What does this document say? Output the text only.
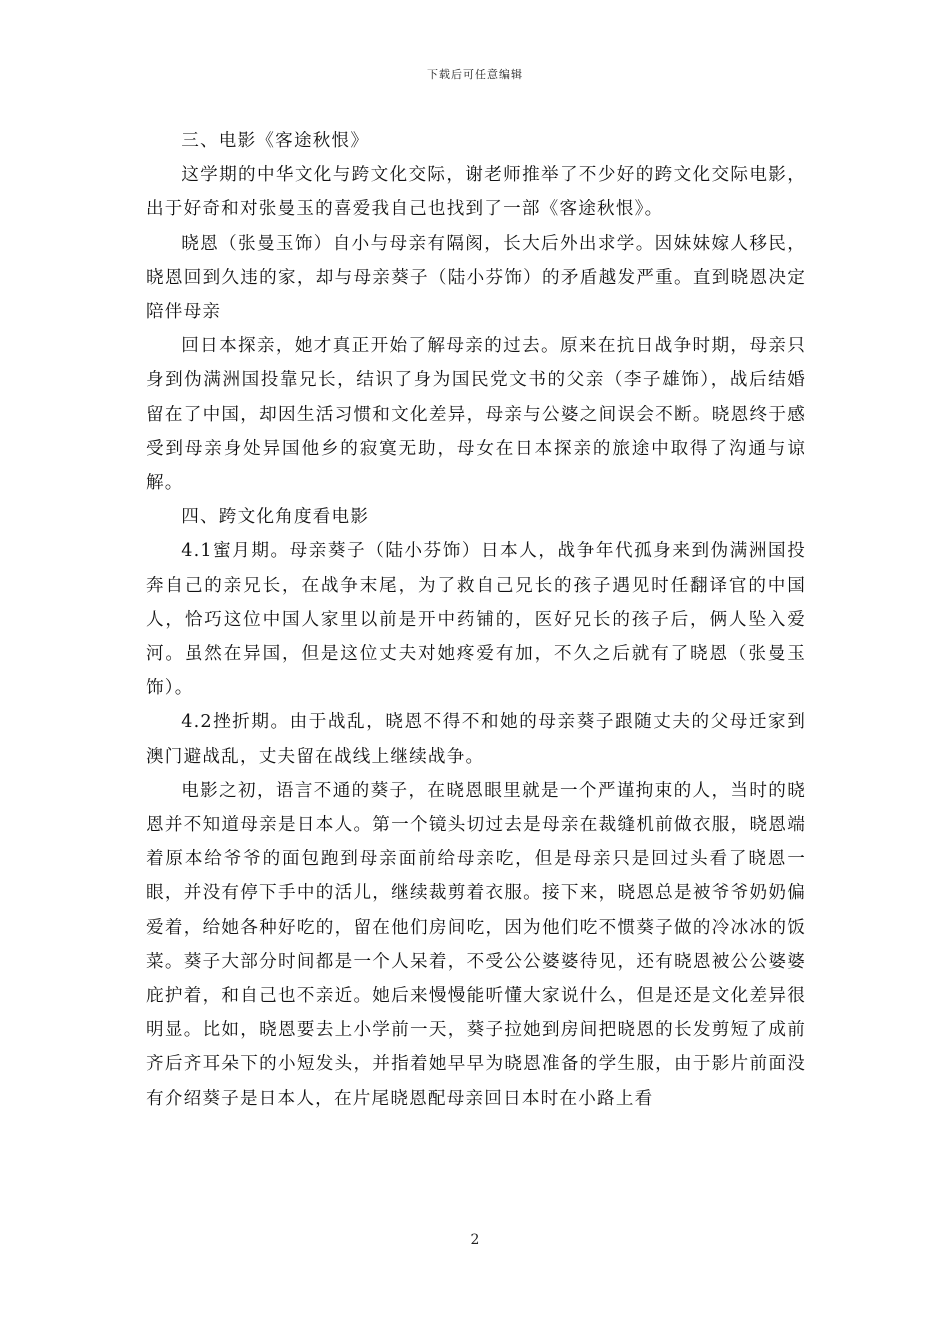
下载后可任意编辑

三、电影《客途秋恨》

这学期的中华文化与跨文化交际，谢老师推举了不少好的跨文化交际电影，出于好奇和对张曼玉的喜爱我自己也找到了一部《客途秋恨》。

晓恩（张曼玉饰）自小与母亲有隔阂，长大后外出求学。因妹妹嫁人移民，晓恩回到久违的家，却与母亲葵子（陆小芬饰）的矛盾越发严重。直到晓恩决定陪伴母亲

回日本探亲，她才真正开始了解母亲的过去。原来在抗日战争时期，母亲只身到伪满洲国投靠兄长，结识了身为国民党文书的父亲（李子雄饰），战后结婚留在了中国，却因生活习惯和文化差异，母亲与公婆之间误会不断。晓恩终于感受到母亲身处异国他乡的寂寞无助，母女在日本探亲的旅途中取得了沟通与谅解。

四、跨文化角度看电影

4.1蜜月期。母亲葵子（陆小芬饰）日本人，战争年代孤身来到伪满洲国投奔自己的亲兄长，在战争末尾，为了救自己兄长的孩子遇见时任翻译官的中国人，恰巧这位中国人家里以前是开中药铺的，医好兄长的孩子后，俩人坠入爱河。虽然在异国，但是这位丈夫对她疼爱有加，不久之后就有了晓恩（张曼玉饰）。

4.2挫折期。由于战乱，晓恩不得不和她的母亲葵子跟随丈夫的父母迁家到澳门避战乱，丈夫留在战线上继续战争。

电影之初，语言不通的葵子，在晓恩眼里就是一个严谨拘束的人，当时的晓恩并不知道母亲是日本人。第一个镜头切过去是母亲在裁缝机前做衣服，晓恩端着原本给爷爷的面包跑到母亲面前给母亲吃，但是母亲只是回过头看了晓恩一眼，并没有停下手中的活儿，继续裁剪着衣服。接下来，晓恩总是被爷爷奶奶偏爱着，给她各种好吃的，留在他们房间吃，因为他们吃不惯葵子做的冷冰冰的饭菜。葵子大部分时间都是一个人呆着，不受公公婆婆待见，还有晓恩被公公婆婆庇护着，和自己也不亲近。她后来慢慢能听懂大家说什么，但是还是文化差异很明显。比如，晓恩要去上小学前一天，葵子拉她到房间把晓恩的长发剪短了成前齐后齐耳朵下的小短发头，并指着她早早为晓恩准备的学生服，由于影片前面没有介绍葵子是日本人，在片尾晓恩配母亲回日本时在小路上看

2
